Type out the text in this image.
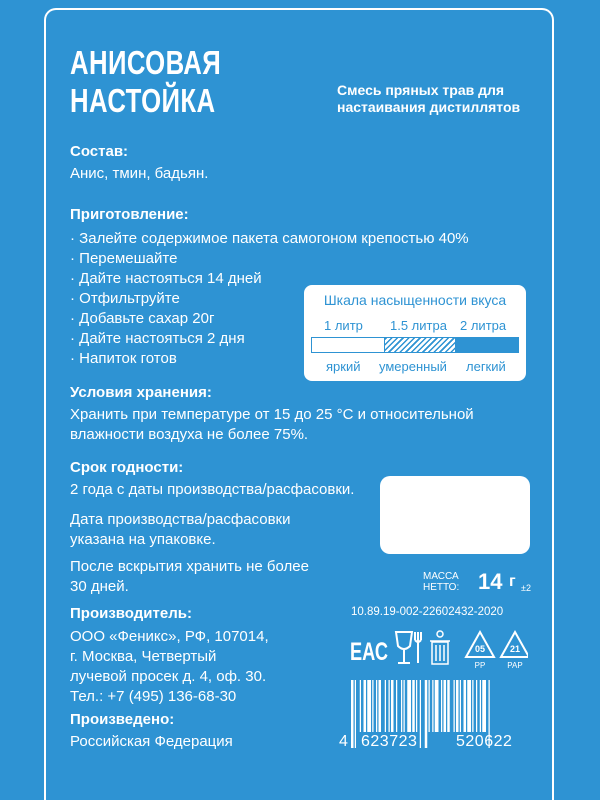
АНИСОВАЯ
НАСТОЙКА	Смесь пряных трав для
настаивания дистиллятов
Состав:
Анис, тмин, бадьян.
Приготовление:
· Залейте содержимое пакета самогоном крепостью 40%
· Перемешайте
· Дайте настояться 14 дней
· Отфильтруйте
· Добавьте сахар 20г
· Дайте настояться 2 дня
· Напиток готов
Шкала насыщенности вкуса
1 литр 1.5 литра 2 литра
яркий умеренный легкий
Условия хранения:
Хранить при температуре от 15 до 25 °C и относительной
влажности воздуха не более 75%.
Срок годности:
2 года с даты производства/расфасовки.
Дата производства/расфасовки
указана на упаковке.
После вскрытия хранить не более
30 дней.
МАССА
НЕТТО: 14 г ±2
Производитель:
ООО «Феникс», РФ, 107014,
г. Москва, Четвертый
лучевой просек д. 4, оф. 30.
Тел.: +7 (495) 136-68-30
Произведено:
Российская Федерация
10.89.19-002-22602432-2020
ЕАС	05
PP
21
PAP
4 623723 520622
